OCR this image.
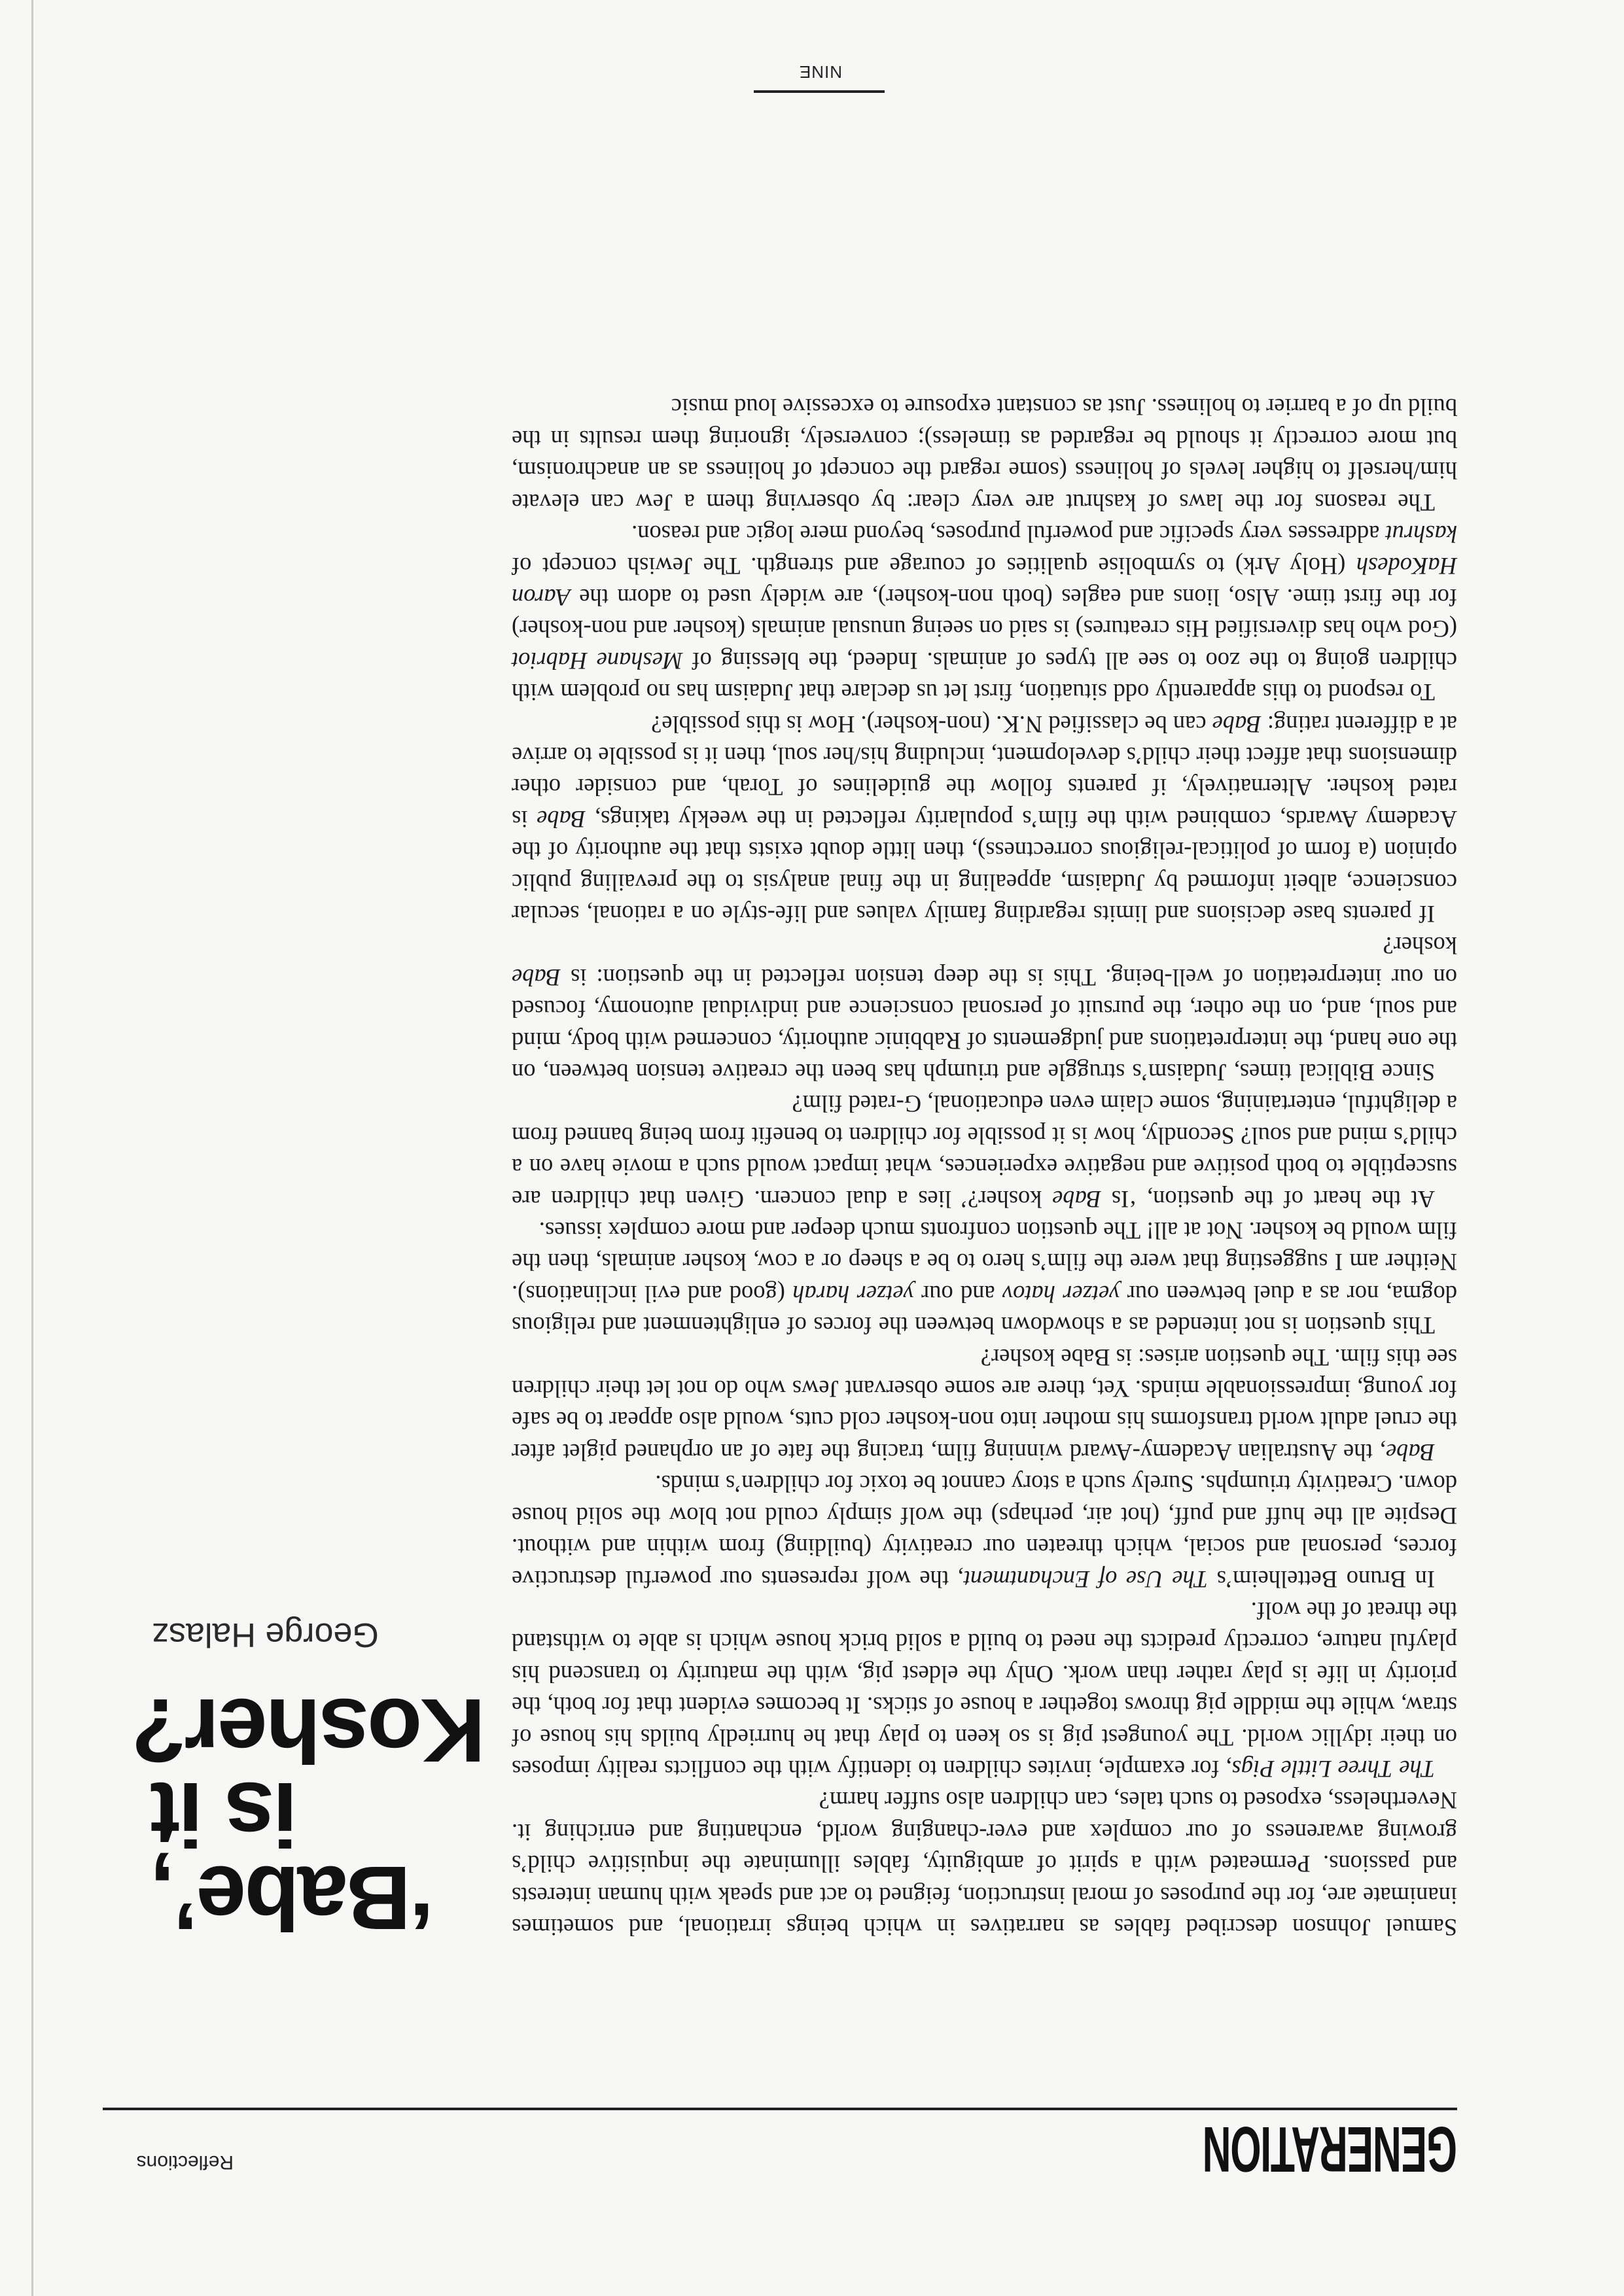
GENERATION
Reflections
‘Babe’, is it Kosher?
George Halasz

Samuel Johnson described fables as narratives in which beings irrational, and sometimes inanimate are, for the purposes of moral instruction, feigned to act and speak with human interests and passions. Permeated with a spirit of ambiguity, fables illuminate the inquisitive child’s growing awareness of our complex and ever-changing world, enchanting and enriching it. Nevertheless, exposed to such tales, can children also suffer harm?

The Three Little Pigs, for example, invites children to identify with the conflicts reality imposes on their idyllic world. The youngest pig is so keen to play that he hurriedly builds his house of straw, while the middle pig throws together a house of sticks. It becomes evident that for both, the priority in life is play rather than work. Only the eldest pig, with the maturity to transcend his playful nature, correctly predicts the need to build a solid brick house which is able to withstand the threat of the wolf.

In Bruno Bettelheim’s The Use of Enchantment, the wolf represents our powerful destructive forces, personal and social, which threaten our creativity (building) from within and without. Despite all the huff and puff, (hot air, perhaps) the wolf simply could not blow the solid house down. Creativity triumphs. Surely such a story cannot be toxic for children’s minds.

Babe, the Australian Academy-Award winning film, tracing the fate of an orphaned piglet after the cruel adult world transforms his mother into non-kosher cold cuts, would also appear to be safe for young, impressionable minds. Yet, there are some observant Jews who do not let their children see this film. The question arises: is Babe kosher?

This question is not intended as a showdown between the forces of enlightenment and religious dogma, nor as a duel between our yetzer hatov and our yetzer harah (good and evil inclinations). Neither am I suggesting that were the film’s hero to be a sheep or a cow, kosher animals, then the film would be kosher. Not at all! The question confronts much deeper and more complex issues.

At the heart of the question, ‘Is Babe kosher?’ lies a dual concern. Given that children are susceptible to both positive and negative experiences, what impact would such a movie have on a child’s mind and soul? Secondly, how is it possible for children to benefit from being banned from a delightful, entertaining, some claim even educational, G-rated film?

Since Biblical times, Judaism’s struggle and triumph has been the creative tension between, on the one hand, the interpretations and judgements of Rabbinic authority, concerned with body, mind and soul, and, on the other, the pursuit of personal conscience and individual autonomy, focused on our interpretation of well-being. This is the deep tension reflected in the question: is Babe kosher?

If parents base decisions and limits regarding family values and life-style on a rational, secular conscience, albeit informed by Judaism, appealing in the final analysis to the prevailing public opinion (a form of political-religious correctness), then little doubt exists that the authority of the Academy Awards, combined with the film’s popularity reflected in the weekly takings, Babe is rated kosher. Alternatively, if parents follow the guidelines of Torah, and consider other dimensions that affect their child’s development, including his/her soul, then it is possible to arrive at a different rating: Babe can be classified N.K. (non-kosher). How is this possible?

To respond to this apparently odd situation, first let us declare that Judaism has no problem with children going to the zoo to see all types of animals. Indeed, the blessing of Meshane Habriot (God who has diversified His creatures) is said on seeing unusual animals (kosher and non-kosher) for the first time. Also, lions and eagles (both non-kosher), are widely used to adorn the Aaron HaKodesh (Holy Ark) to symbolise qualities of courage and strength. The Jewish concept of kashrut addresses very specific and powerful purposes, beyond mere logic and reason.

The reasons for the laws of kashrut are very clear: by observing them a Jew can elevate him/herself to higher levels of holiness (some regard the concept of holiness as an anachronism, but more correctly it should be regarded as timeless); conversely, ignoring them results in the build up of a barrier to holiness. Just as constant exposure to excessive loud music

NINE
